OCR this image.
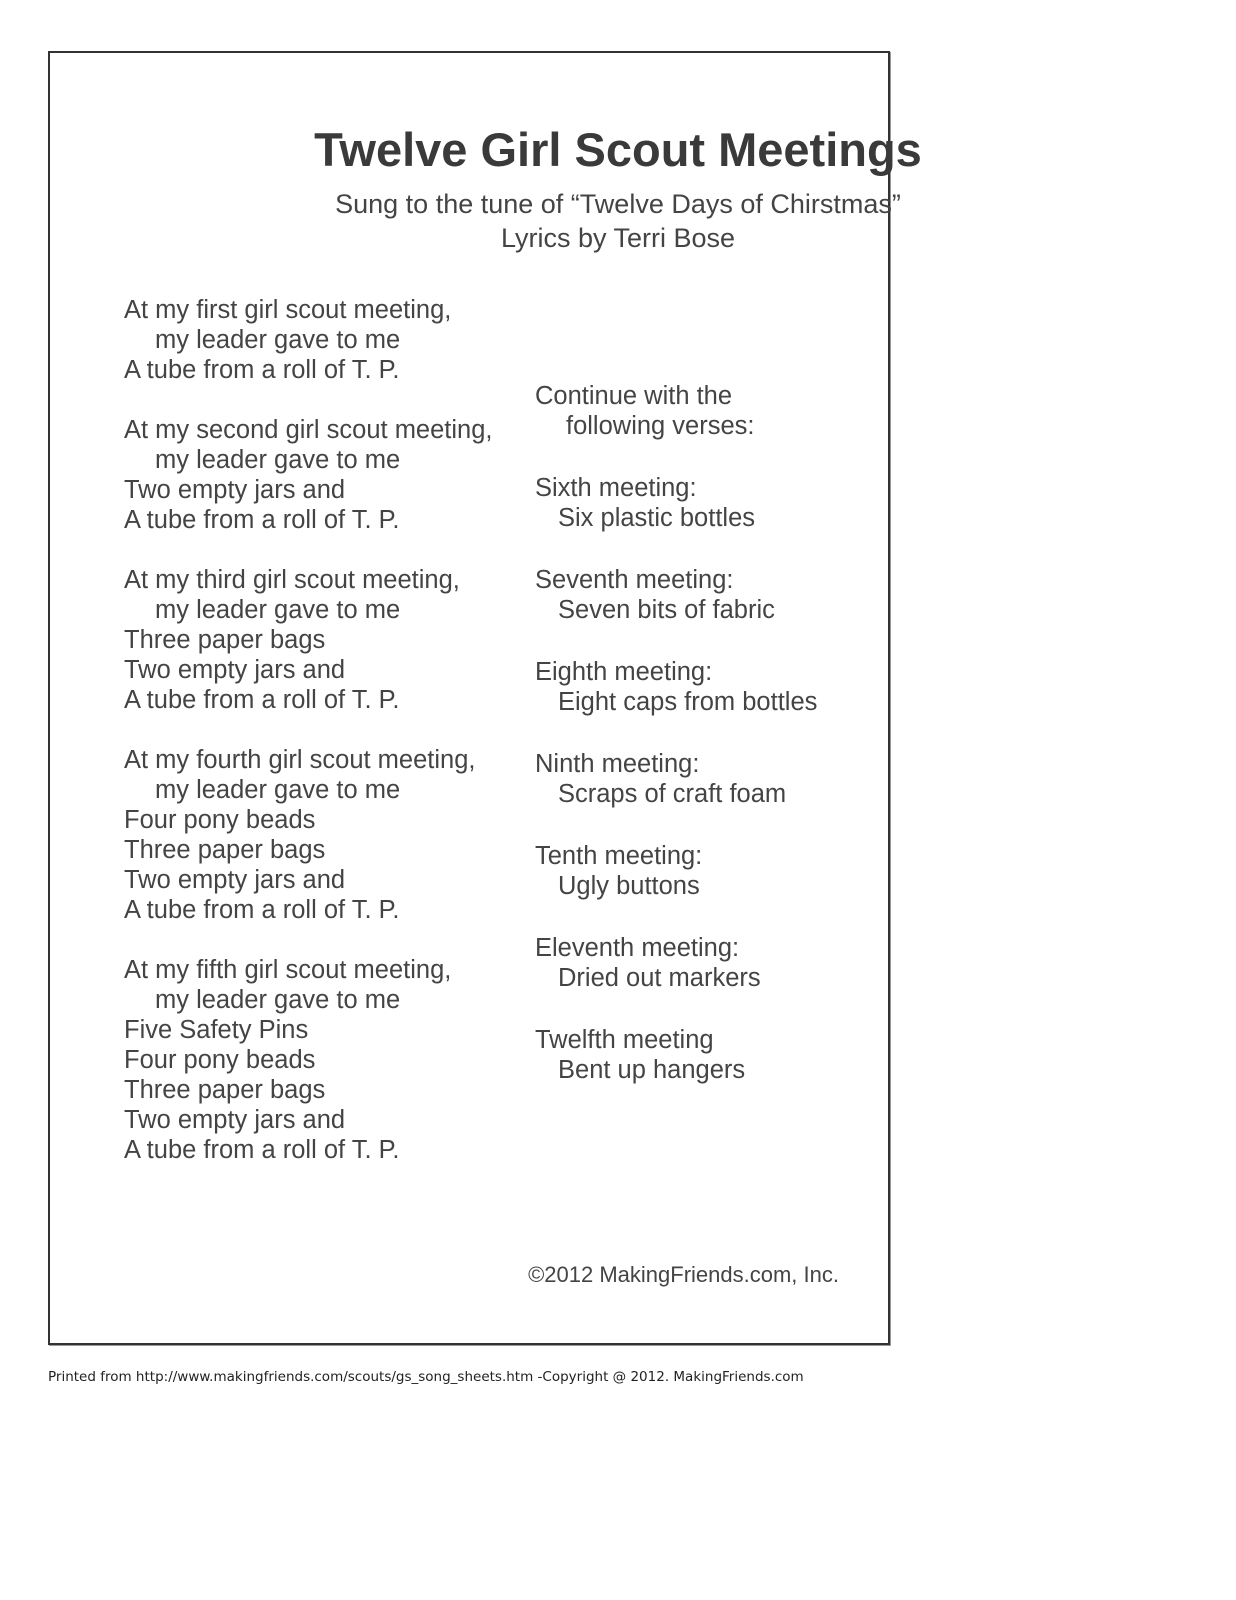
Twelve Girl Scout Meetings
Sung to the tune of “Twelve Days of Chirstmas”
Lyrics by Terri Bose
At my first girl scout meeting,
my leader gave to me
A tube from a roll of T. P.
At my second girl scout meeting,
my leader gave to me
Two empty jars and
A tube from a roll of T. P.
At my third girl scout meeting,
my leader gave to me
Three paper bags
Two empty jars and
A tube from a roll of T. P.
At my fourth girl scout meeting,
my leader gave to me
Four pony beads
Three paper bags
Two empty jars and
A tube from a roll of T. P.
At my fifth girl scout meeting,
my leader gave to me
Five Safety Pins
Four pony beads
Three paper bags
Two empty jars and
A tube from a roll of T. P.
Continue with the
following verses:
Sixth meeting:
Six plastic bottles
Seventh meeting:
Seven bits of fabric
Eighth meeting:
Eight caps from bottles
Ninth meeting:
Scraps of craft foam
Tenth meeting:
Ugly buttons
Eleventh meeting:
Dried out markers
Twelfth meeting
Bent up hangers
©2012 MakingFriends.com, Inc.
Printed from http://www.makingfriends.com/scouts/gs_song_sheets.htm -Copyright @ 2012. MakingFriends.com
